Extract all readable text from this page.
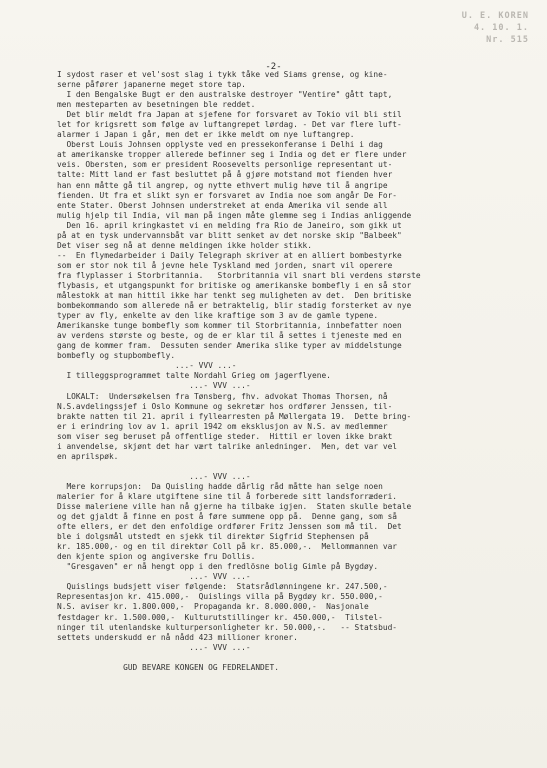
U. E. KOREN
4. 10. 1.
Nr. 515
-2-
I sydost raser et vel'sost slag i tykk tåke ved Siams grense, og kine-
serne påfører japanerne meget store tap.
I den Bengalske Bugt er den australske destroyer "Ventire" gått tapt,
men mesteparten av besetningen ble reddet.
Det blir meldt fra Japan at sjefene for forsvaret av Tokio vil bli stil
let for krigsrett som følge av luftangrepet lørdag. - Det var flere luft-
alarmer i Japan i går, men det er ikke meldt om nye luftangrep.
Oberst Louis Johnsen opplyste ved en pressekonferanse i Delhi i dag
at amerikanske tropper allerede befinner seg i India og det er flere under
veis. Obersten, som er president Roosevelts personlige representant ut-
talte: Mitt land er fast besluttet på å gjøre motstand mot fienden hver
han enn måtte gå til angrep, og nytte ethvert mulig høve til å angripe
fienden. Ut fra et slikt syn er forsvaret av India noe som angår De For-
ente Stater. Oberst Johnsen understreket at enda Amerika vil sende all
mulig hjelp til India, vil man på ingen måte glemme seg i Indias anliggende
Den 16. april kringkastet vi en melding fra Rio de Janeiro, som gikk ut
på at en tysk undervannsbåt var blitt senket av det norske skip "Balbeek"
Det viser seg nå at denne meldingen ikke holder stikk.
--  En flymedarbeider i Daily Telegraph skriver at en alliert bombestyrke
som er stor nok til å jevne hele Tyskland med jorden, snart vil operere
fra flyplasser i Storbritannia.   Storbritannia vil snart bli verdens største
flybasis, et utgangspunkt for britiske og amerikanske bombefly i en så stor
målestokk at man hittil ikke har tenkt seg muligheten av det.  Den britiske
bombekommando som allerede nå er betraktelig, blir stadig forsterket av nye
typer av fly, enkelte av den like kraftige som 3 av de gamle typene.
Amerikanske tunge bombefly som kommer til Storbritannia, innbefatter noen
av verdens største og beste, og de er klar til å settes i tjeneste med en
gang de kommer fram.  Dessuten sender Amerika slike typer av middelstunge
bombefly og stupbombefly.
...- VVV ...-
I tilleggsprogrammet talte Nordahl Grieg om jagerflyene.
...- VVV ...-
LOKALT:  Undersøkelsen fra Tønsberg, fhv. advokat Thomas Thorsen, nå
N.S.avdelingssjef i Oslo Kommune og sekretær hos ordfører Jenssen, til-
brakte natten til 21. april i fyllearresten på Møllergata 19.  Dette bring-
er i erindring lov av 1. april 1942 om eksklusjon av N.S. av medlemmer
som viser seg beruset på offentlige steder.  Hittil er loven ikke brakt
i anvendelse, skjønt det har vært talrike anledninger.  Men, det var vel
en aprilspøk.
...- VVV ...-
Mere korrupsjon:  Da Quisling hadde dårlig råd måtte han selge noen
malerier for å klare utgiftene sine til å forberede sitt landsforræderi.
Disse maleriene ville han nå gjerne ha tilbake igjen.  Staten skulle betale
og det gjaldt å finne en post å føre summene opp på.  Denne gang, som så
ofte ellers, er det den enfoldige ordfører Fritz Jenssen som må til.  Det
ble i dolgsmål utstedt en sjekk til direktør Sigfrid Stephensen på
kr. 185.000,- og en til direktør Coll på kr. 85.000,-.  Mellommannen var
den kjente spion og angiverske fru Dollis.
"Gresgaven" er nå hengt opp i den fredlösne bolig Gimle på Bygdøy.
...- VVV ...-
Quislings budsjett viser følgende:  Statsrådlønningene kr. 247.500,-
Representasjon kr. 415.000,-  Quislings villa på Bygdøy kr. 550.000,-
N.S. aviser kr. 1.800.000,-  Propaganda kr. 8.000.000,-  Nasjonale
festdager kr. 1.500.000,-  Kulturutstillinger kr. 450.000,-  Tilstel-
ninger til utenlandske kulturpersonligheter kr. 50.000,-.   -- Statsbud-
settets underskudd er nå nådd 423 millioner kroner.
...- VVV ...-
GUD BEVARE KONGEN OG FEDRELANDET.
